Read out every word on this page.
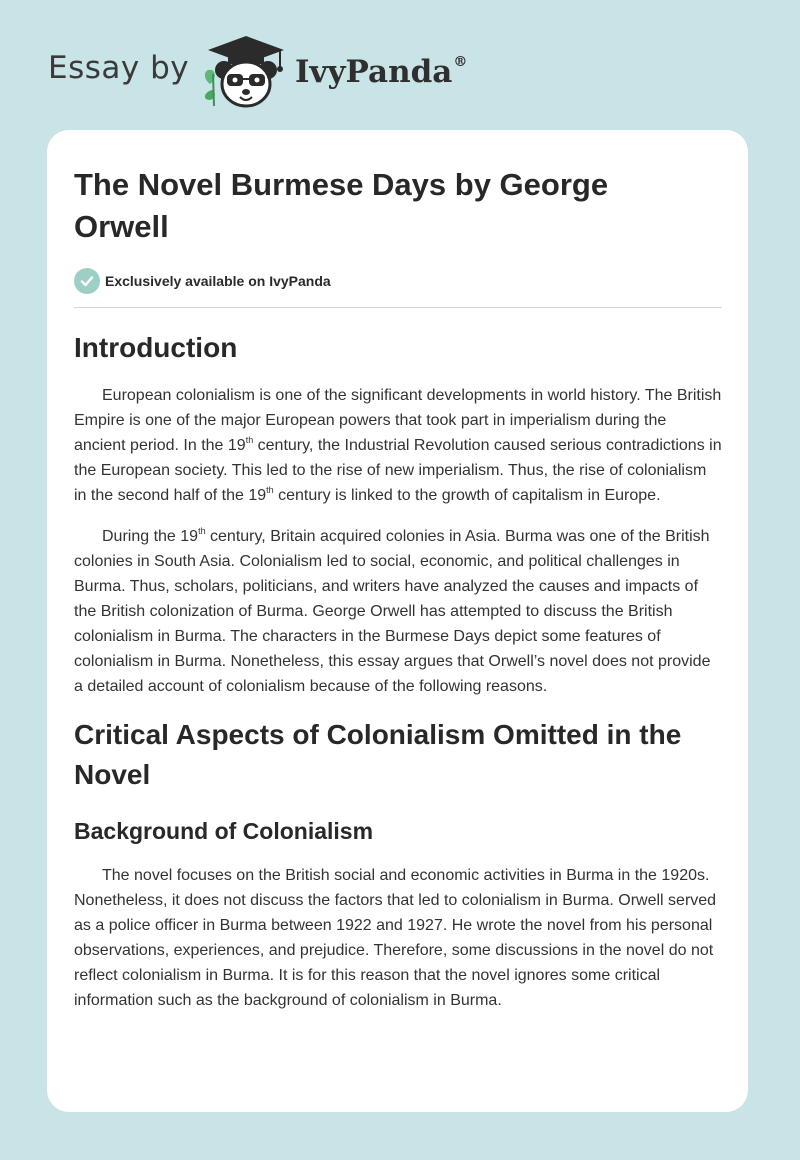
Essay by	IvyPanda®
The Novel Burmese Days by George Orwell
Exclusively available on IvyPanda
Introduction

European colonialism is one of the significant developments in world history. The British Empire is one of the major European powers that took part in imperialism during the ancient period. In the 19th century, the Industrial Revolution caused serious contradictions in the European society. This led to the rise of new imperialism. Thus, the rise of colonialism in the second half of the 19th century is linked to the growth of capitalism in Europe.

During the 19th century, Britain acquired colonies in Asia. Burma was one of the British colonies in South Asia. Colonialism led to social, economic, and political challenges in Burma. Thus, scholars, politicians, and writers have analyzed the causes and impacts of the British colonization of Burma. George Orwell has attempted to discuss the British colonialism in Burma. The characters in the Burmese Days depict some features of colonialism in Burma. Nonetheless, this essay argues that Orwell’s novel does not provide a detailed account of colonialism because of the following reasons.

Critical Aspects of Colonialism Omitted in the Novel
Background of Colonialism

The novel focuses on the British social and economic activities in Burma in the 1920s. Nonetheless, it does not discuss the factors that led to colonialism in Burma. Orwell served as a police officer in Burma between 1922 and 1927. He wrote the novel from his personal observations, experiences, and prejudice. Therefore, some discussions in the novel do not reflect colonialism in Burma. It is for this reason that the novel ignores some critical information such as the background of colonialism in Burma.
